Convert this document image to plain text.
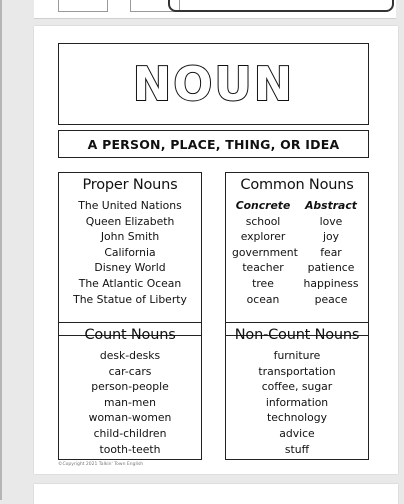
NOUN
A PERSON, PLACE, THING, OR IDEA
Proper Nouns
The United Nations
Queen Elizabeth
John Smith
California
Disney World
The Atlantic Ocean
The Statue of Liberty
Common Nouns
Concrete
school
explorer
government
teacher
tree
ocean
Abstract
love
joy
fear
patience
happiness
peace
Count Nouns
desk-desks
car-cars
person-people
man-men
woman-women
child-children
tooth-teeth
Non-Count Nouns
furniture
transportation
coffee, sugar
information
technology
advice
stuff
©Copyright 2021 Talkin' Town English
